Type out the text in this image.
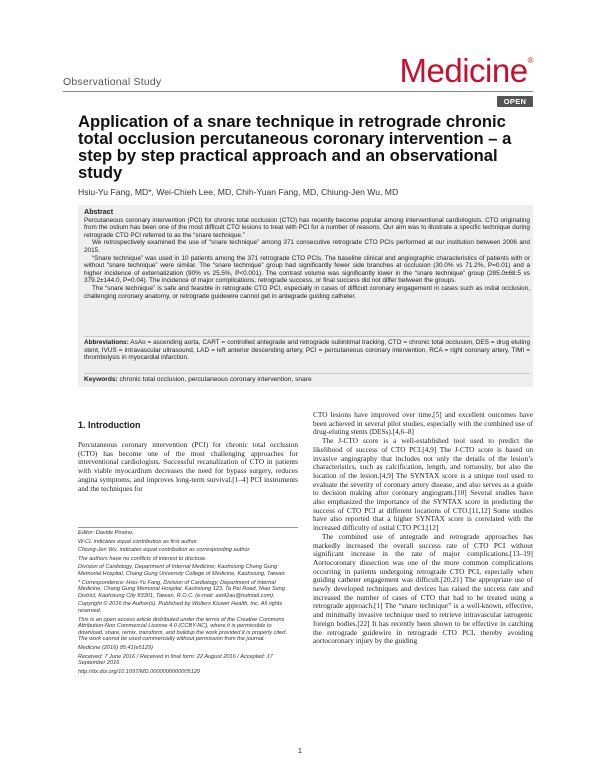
Observational Study	Medicine®
OPEN
Application of a snare technique in retrograde chronic total occlusion percutaneous coronary intervention – a step by step practical approach and an observational study
Hsiu-Yu Fang, MD*, Wei-Chieh Lee, MD, Chih-Yuan Fang, MD, Chiung-Jen Wu, MD
Abstract

Percutaneous coronary intervention (PCI) for chronic total occlusion (CTO) has recently become popular among interventional cardiologists. CTO originating from the ostium has been one of the most difficult CTO lesions to treat with PCI for a number of reasons. Our aim was to illustrate a specific technique during retrograde CTO PCI referred to as the “snare technique.”

We retrospectively examined the use of “snare technique” among 371 consecutive retrograde CTO PCIs performed at our institution between 2006 and 2015.

“Snare technique” was used in 10 patients among the 371 retrograde CTO PCIs. The baseline clinical and angiographic characteristics of patients with or without “snare technique” were similar. The “snare technique” group had significantly fewer side branches at occlusion (30.0% vs 71.2%, P=0.01) and a higher incidence of externalization (90% vs 25.5%, P<0.001). The contrast volume was significantly lower in the “snare technique” group (285.0±68.5 vs 379.2±144.0, P=0.04). The incidence of major complications, retrograde success, or final success did not differ between the groups.

The “snare technique” is safe and feasible in retrograde CTO PCI, especially in cases of difficult coronary engagement in cases such as ostial occlusion, challenging coronary anatomy, or retrograde guidewire cannot get in antegrade guiding catheter.

Abbreviations: AsAo = ascending aorta, CART = controlled antegrade and retrograde subintimal tracking, CTO = chronic total occlusion, DES = drug eluting stent, IVUS = intravascular ultrasound, LAD = left anterior descending artery, PCI = percutaneous coronary intervention, RCA = right coronary artery, TIMI = thrombolysis in myocardial infarction.
Keywords: chronic total occlusion, percutaneous coronary intervention, snare
1. Introduction

Percutaneous coronary intervention (PCI) for chronic total occlusion (CTO) has become one of the most challenging approaches for interventional cardiologists. Successful recanalization of CTO in patients with viable myocardium decreases the need for bypass surgery, reduces angina symptoms, and improves long-term survival.[1–4] PCI instruments and the techniques for

Editor: Davide Piraino.

W-CL indicates equal contribution as first author.

Chiung-Jen Wu, indicates equal contribution as corresponding author.

The authors have no conflicts of interest to disclose.

Division of Cardiology, Department of Internal Medicine; Kaohsiung Chang Gung Memorial Hospital, Chang Gung University College of Medicine, Kaohsiung, Taiwan.

* Correspondence: Hsiu-Yu Fang, Division of Cardiology, Department of Internal Medicine, Chang Gung Memorial Hospital, Kaohsiung 123, Ta Pei Road, Niao Sung District, Kaohsiung City 83301, Taiwan, R.O.C. (e-mail: ast42au@hotmail.com).

Copyright © 2016 the Author(s). Published by Wolters Kluwer Health, Inc. All rights reserved.

This is an open access article distributed under the terms of the Creative Commons Attribution-Non Commercial License 4.0 (CCBY-NC), where it is permissible to download, share, remix, transform, and buildup the work provided it is properly cited. The work cannot be used commercially without permission from the journal.

Medicine (2016) 95:41(e5129)

Received: 7 June 2016 / Received in final form: 22 August 2016 / Accepted: 17 September 2016

http://dx.doi.org/10.1097/MD.0000000000005129

CTO lesions have improved over time,[5] and excellent outcomes have been achieved in several pilot studies, especially with the combined use of drug-eluting stents (DESs).[4,6–8]

The J-CTO score is a well-established tool used to predict the likelihood of success of CTO PCI.[4,9] The J-CTO score is based on invasive angiography that includes not only the details of the lesion’s characteristics, such as calcification, length, and tortuosity, but also the location of the lesion.[4,9] The SYNTAX score is a unique tool used to evaluate the severity of coronary artery disease, and also serves as a guide to decision making after coronary angiogram.[10] Several studies have also emphasized the importance of the SYNTAX score in predicting the success of CTO PCI at different locations of CTO.[11,12] Some studies have also reported that a higher SYNTAX score is correlated with the increased difficulty of ostial CTO PCI.[12]

The combined use of antegrade and retrograde approaches has markedly increased the overall success rate of CTO PCI without significant increase in the rate of major complications.[13–19] Aortocoronary dissection was one of the more common complications occurring in patients undergoing retrograde CTO PCI, especially when guiding catheter engagement was difficult.[20,21] The appropriate use of newly developed techniques and devices has raised the success rate and increased the number of cases of CTO that had to be treated using a retrograde approach.[1] The “snare technique” is a well-known, effective, and minimally invasive technique used to retrieve intravascular iatrogenic foreign bodies.[22] It has recently been shown to be effective in catching the retrograde guidewire in retrograde CTO PCI, thereby avoiding aortocoronary injury by the guiding

1
